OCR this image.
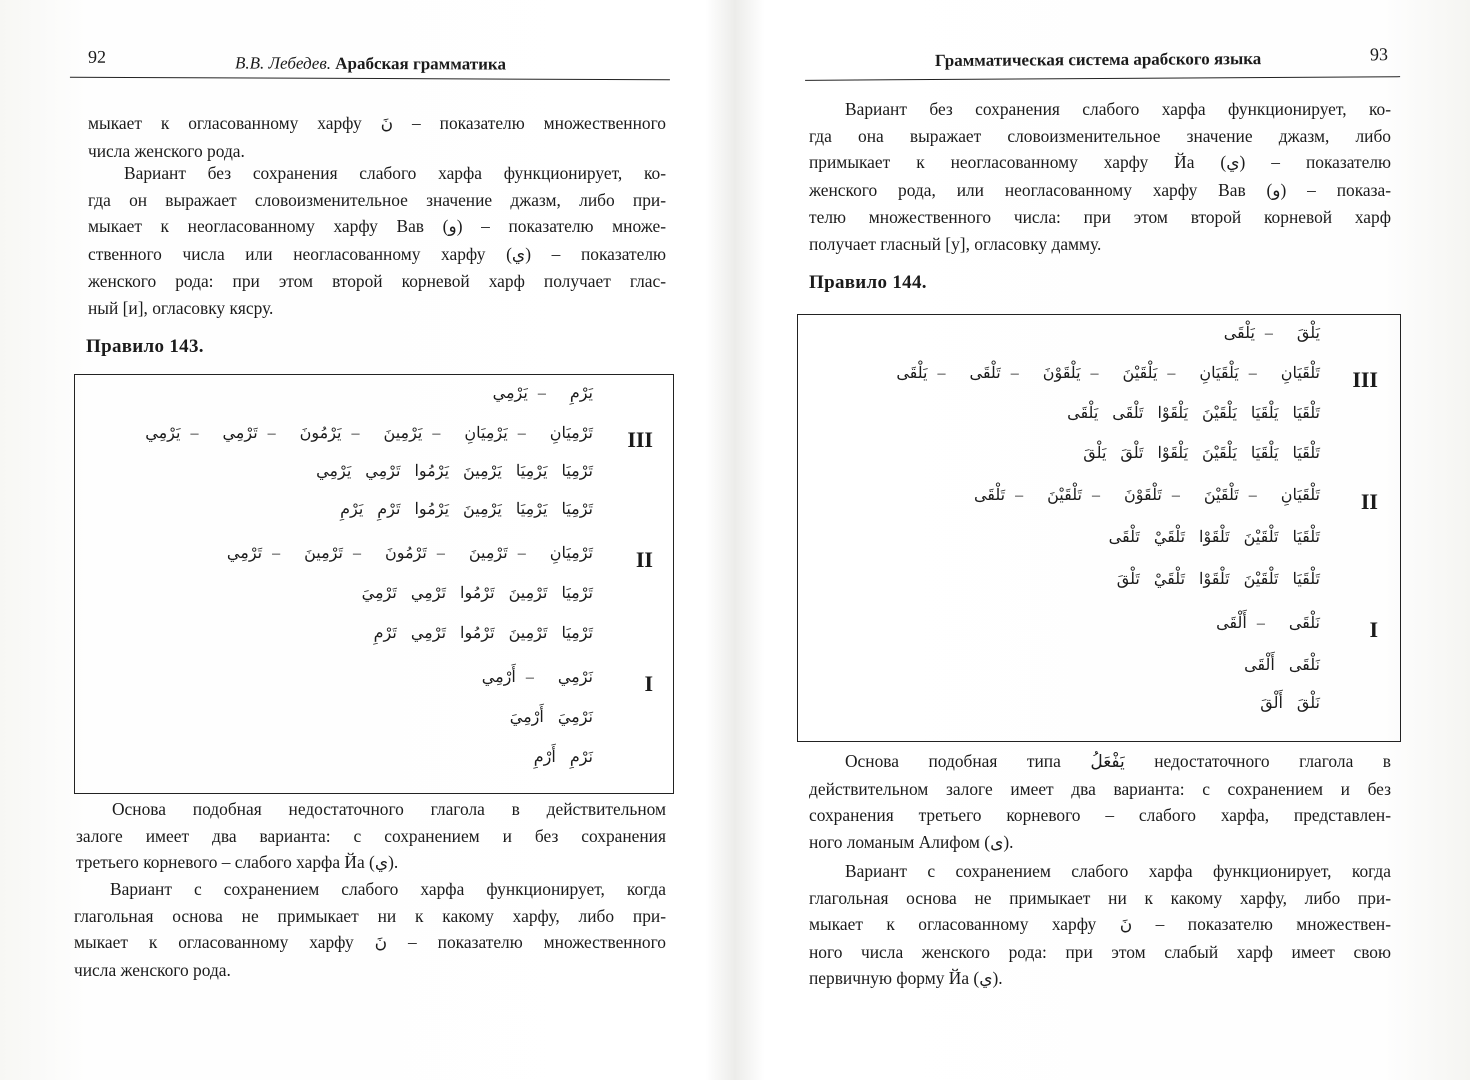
92	В.В. Лебедев. Арабская грамматика
мыкает к огласованному харфу نَ – показателю множественного
числа женского рода.
Вариант без сохранения слабого харфа функционирует, ко-
гда он выражает словоизменительное значение джазм, либо при-
мыкает к неогласованному харфу Вав (و) – показателю множе-
ственного числа или неогласованному харфу (ي) – показателю
женского рода: при этом второй корневой харф получает глас-
ный [и], огласовку кясру.
Правило 143.
يَرْمِي – يَرْمِ
III
يَرْمِي – تَرْمِي – يَرْمُونَ – يَرْمِينَ – يَرْمِيَانِ – تَرْمِيَانِ
يَرْمِي تَرْمِي يَرْمُوا يَرْمِينَ يَرْمِيَا تَرْمِيَا
يَرْمِ تَرْمِ يَرْمُوا يَرْمِينَ يَرْمِيَا تَرْمِيَا
II
تَرْمِي – تَرْمِينَ – تَرْمُونَ – تَرْمِينَ – تَرْمِيَانِ
تَرْمِيَ تَرْمِي تَرْمُوا تَرْمِينَ تَرْمِيَا
تَرْمِ تَرْمِي تَرْمُوا تَرْمِينَ تَرْمِيَا
I
أَرْمِي – نَرْمِي
أَرْمِيَ نَرْمِيَ
أَرْمِ نَرْمِ
Основа подобная недостаточного глагола в действительном
залоге имеет два варианта: с сохранением и без сохранения
третьего корневого – слабого харфа Йа (ي).
Вариант с сохранением слабого харфа функционирует, когда
глагольная основа не примыкает ни к какому харфу, либо при-
мыкает к огласованному харфу نَ – показателю множественного
числа женского рода.
Грамматическая система арабского языка	93
Вариант без сохранения слабого харфа функционирует, ко-
гда она выражает словоизменительное значение джазм, либо
примыкает к неогласованному харфу Йа (ي) – показателю
женского рода, или неогласованному харфу Вав (و) – показа-
телю множественного числа: при этом второй корневой харф
получает гласный [у], огласовку дамму.
Правило 144.
يَلْقَى – يَلْقَ
III
يَلْقَى – تَلْقَى – يَلْقَوْنَ – يَلْقَيْنَ – يَلْقَيَانِ – تَلْقَيَانِ
يَلْقَى تَلْقَى يَلْقَوْا يَلْقَيْنَ يَلْقَيَا تَلْقَيَا
يَلْقَ تَلْقَ يَلْقَوْا يَلْقَيْنَ يَلْقَيَا تَلْقَيَا
II
تَلْقَى – تَلْقَيْنَ – تَلْقَوْنَ – تَلْقَيْنَ – تَلْقَيَانِ
تَلْقَى تَلْقَيْ تَلْقَوْا تَلْقَيْنَ تَلْقَيَا
تَلْقَ تَلْقَيْ تَلْقَوْا تَلْقَيْنَ تَلْقَيَا
I
أَلْقَى – نَلْقَى
أَلْقَى نَلْقَى
أَلْقَ نَلْقَ
Основа подобная типа يَفْعَلُ недостаточного глагола в
действительном залоге имеет два варианта: с сохранением и без
сохранения третьего корневого – слабого харфа, представлен-
ного ломаным Алифом (ى).
Вариант с сохранением слабого харфа функционирует, когда
глагольная основа не примыкает ни к какому харфу, либо при-
мыкает к огласованному харфу نَ – показателю множествен-
ного числа женского рода: при этом слабый харф имеет свою
первичную форму Йа (ي).
